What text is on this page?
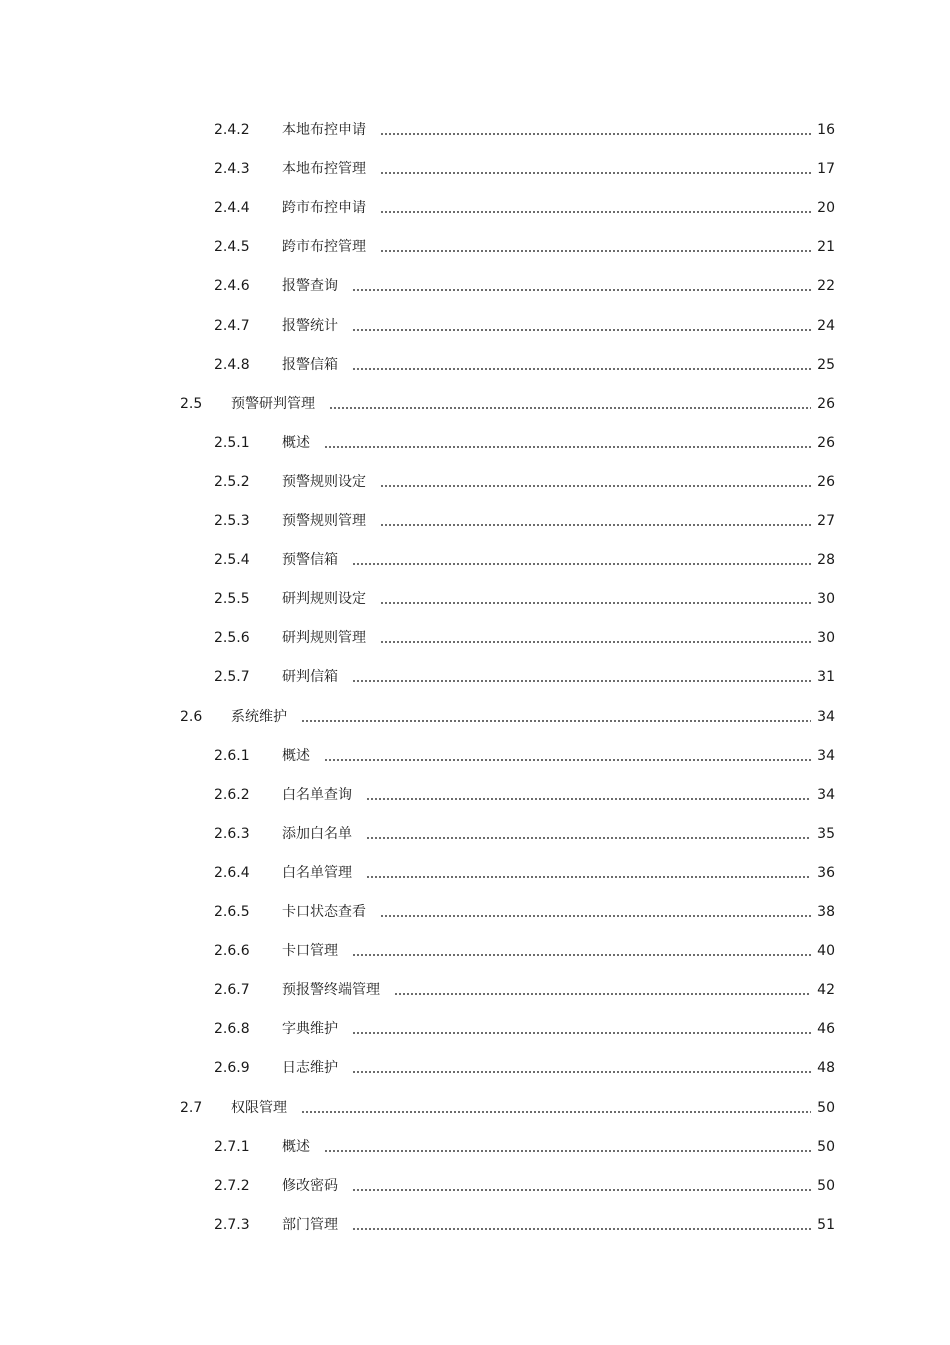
2.4.2 本地布控申请	16
2.4.3 本地布控管理	17
2.4.4 跨市布控申请	20
2.4.5 跨市布控管理	21
2.4.6 报警查询	22
2.4.7 报警统计	24
2.4.8 报警信箱	25
2.5 预警研判管理	26
2.5.1 概述	26
2.5.2 预警规则设定	26
2.5.3 预警规则管理	27
2.5.4 预警信箱	28
2.5.5 研判规则设定	30
2.5.6 研判规则管理	30
2.5.7 研判信箱	31
2.6 系统维护	34
2.6.1 概述	34
2.6.2 白名单查询	34
2.6.3 添加白名单	35
2.6.4 白名单管理	36
2.6.5 卡口状态查看	38
2.6.6 卡口管理	40
2.6.7 预报警终端管理	42
2.6.8 字典维护	46
2.6.9 日志维护	48
2.7 权限管理	50
2.7.1 概述	50
2.7.2 修改密码	50
2.7.3 部门管理	51
